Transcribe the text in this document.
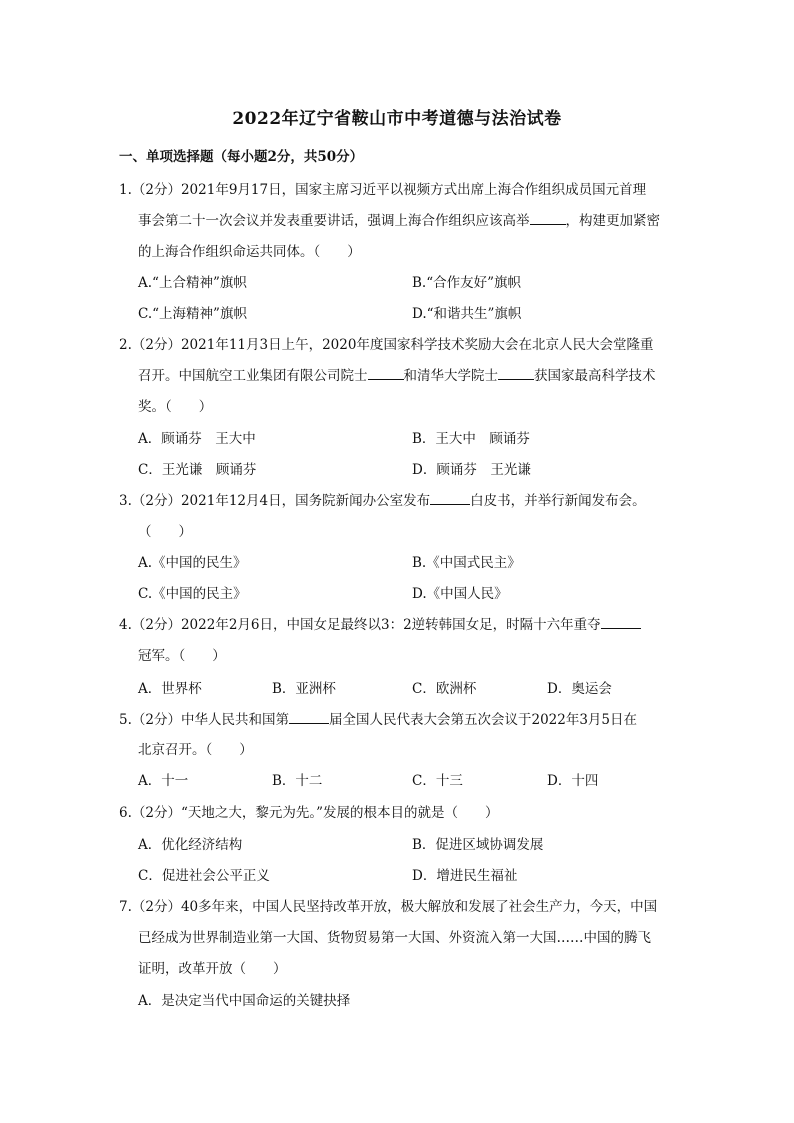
2022年辽宁省鞍山市中考道德与法治试卷
一、单项选择题（每小题2分，共50分）
1.（2分）2021年9月17日，国家主席习近平以视频方式出席上海合作组织成员国元首理
事会第二十一次会议并发表重要讲话，强调上海合作组织应该高举	，构建更加紧密
的上海合作组织命运共同体。（　　）
A.“上合精神”旗帜	B.“合作友好”旗帜
C.“上海精神”旗帜	D.“和谐共生”旗帜
2.（2分）2021年11月3日上午，2020年度国家科学技术奖励大会在北京人民大会堂隆重
召开。中国航空工业集团有限公司院士	和清华大学院士	获国家最高科学技术
奖。（　　）
A．顾诵芬　王大中	B．王大中　顾诵芬
C．王光谦　顾诵芬	D．顾诵芬　王光谦
3.（2分）2021年12月4日，国务院新闻办公室发布	白皮书，并举行新闻发布会。
（　　）
A.《中国的民生》	B.《中国式民主》
C.《中国的民主》	D.《中国人民》
4.（2分）2022年2月6日，中国女足最终以3：2逆转韩国女足，时隔十六年重夺
冠军。（　　）
A．世界杯	B．亚洲杯	C．欧洲杯	D．奥运会
5.（2分）中华人民共和国第	届全国人民代表大会第五次会议于2022年3月5日在
北京召开。（　　）
A．十一	B．十二	C．十三	D．十四
6.（2分）“天地之大，黎元为先。”发展的根本目的就是（　　）
A．优化经济结构	B．促进区域协调发展
C．促进社会公平正义	D．增进民生福祉
7.（2分）40多年来，中国人民坚持改革开放，极大解放和发展了社会生产力，今天，中国
已经成为世界制造业第一大国、货物贸易第一大国、外资流入第一大国……中国的腾飞
证明，改革开放（　　）
A．是决定当代中国命运的关键抉择
